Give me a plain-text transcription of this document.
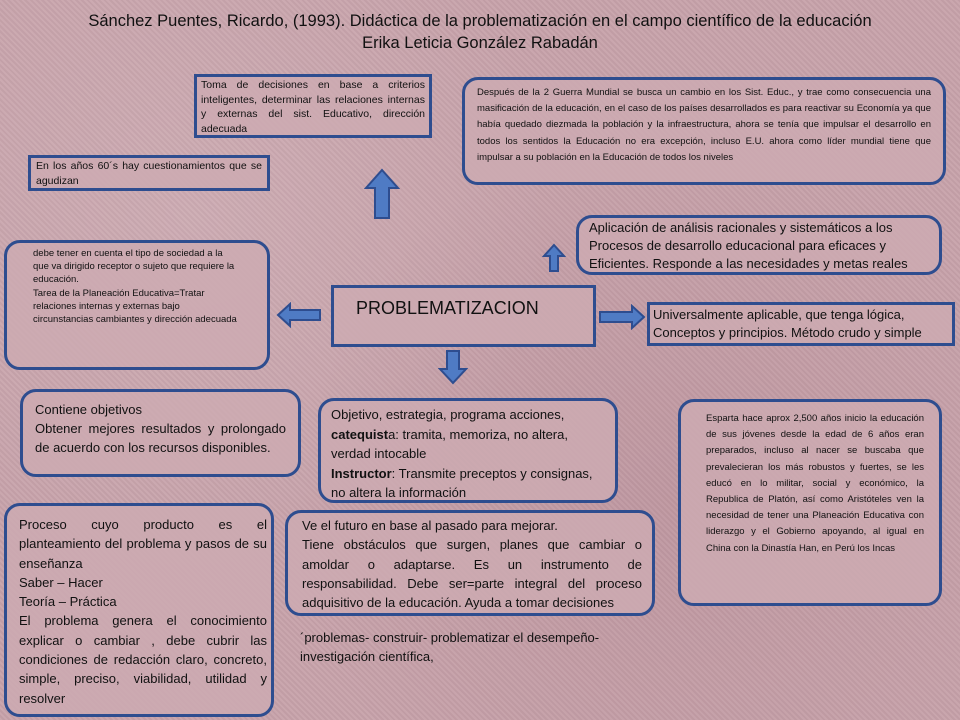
Sánchez Puentes, Ricardo, (1993). Didáctica de la problematización en el campo científico de la educación
Erika Leticia González Rabadán
Toma de decisiones en base a criterios inteligentes, determinar las relaciones internas y externas del sist. Educativo, dirección adecuada
En los años 60´s hay cuestionamientos que se agudizan
Después de la 2 Guerra Mundial se busca un cambio en los Sist. Educ., y trae como consecuencia una masificación de la educación, en el caso de los países desarrollados es para reactivar su Economía ya que había quedado diezmada la población y la infraestructura, ahora se tenía que impulsar el desarrollo en todos los sentidos la Educación no era excepción, incluso E.U. ahora como líder mundial tiene que impulsar a su población en la Educación de todos los niveles
Aplicación de análisis racionales y sistemáticos a los Procesos de desarrollo educacional para eficaces y Eficientes. Responde a las necesidades y metas reales
debe tener en cuenta el tipo de sociedad a la que va dirigido receptor o sujeto que requiere la educación.
Tarea de la Planeación Educativa=Tratar relaciones internas y externas bajo circunstancias cambiantes y dirección adecuada
PROBLEMATIZACION	Universalmente aplicable, que tenga lógica, Conceptos y principios. Método crudo y simple
Contiene objetivos
Obtener mejores resultados y prolongado de acuerdo con los recursos disponibles.
Objetivo, estrategia, programa acciones,
catequista: tramita, memoriza, no altera, verdad intocable
Instructor: Transmite preceptos y consignas, no altera la información
Esparta hace aprox 2,500 años inicio la educación de sus jóvenes desde la edad de 6 años eran preparados, incluso al nacer se buscaba que prevalecieran los más robustos y fuertes, se les educó en lo militar, social y económico, la Republica de Platón, así como Aristóteles ven la necesidad de tener una Planeación Educativa con liderazgo y el Gobierno apoyando, al igual en China con la Dinastía Han, en Perú los Incas
Proceso cuyo producto es el planteamiento del problema y pasos de su enseñanza
Saber – Hacer
Teoría – Práctica
El problema genera el conocimiento explicar o cambiar , debe cubrir las condiciones de redacción claro, concreto, simple, preciso, viabilidad, utilidad y resolver
Ve el futuro en base al pasado para mejorar.
Tiene obstáculos que surgen, planes que cambiar o amoldar o adaptarse. Es un instrumento de responsabilidad. Debe ser=parte integral del proceso adquisitivo de la educación. Ayuda a tomar decisiones
´problemas- construir- problematizar el desempeño- investigación científica,
